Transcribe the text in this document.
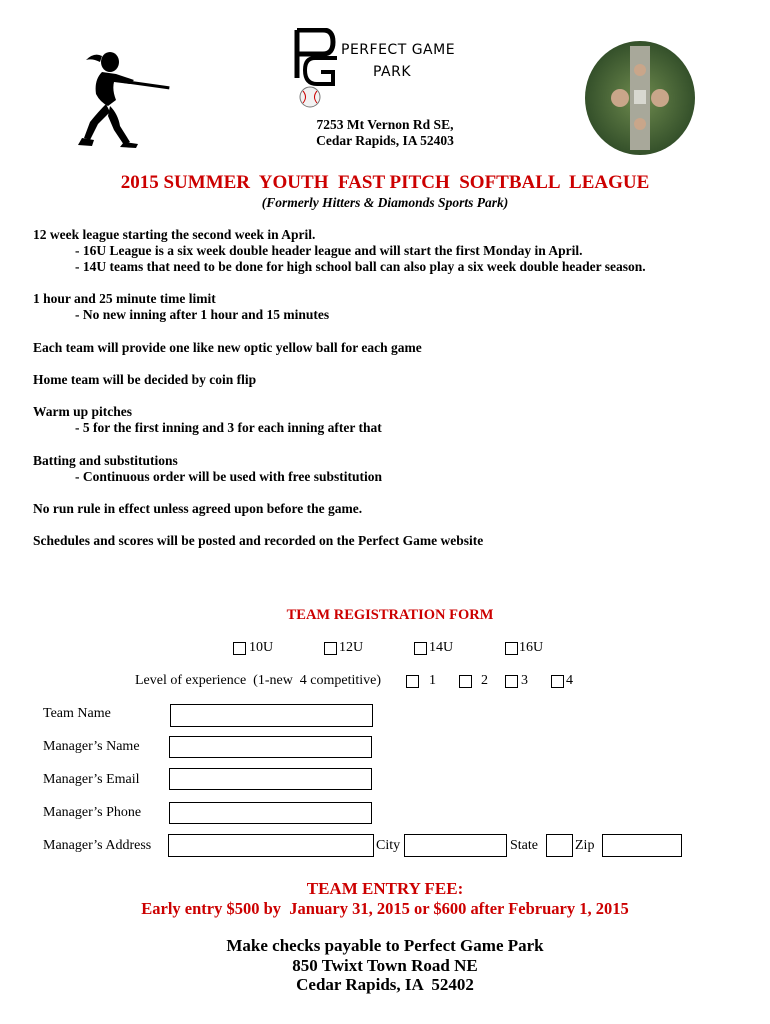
PERFECT GAME
PARK
7253 Mt Vernon Rd SE,
Cedar Rapids, IA 52403
2015 SUMMER  YOUTH  FAST PITCH  SOFTBALL  LEAGUE
(Formerly Hitters & Diamonds Sports Park)
12 week league starting the second week in April.
- 16U League is a six week double header league and will start the first Monday in April.
- 14U teams that need to be done for high school ball can also play a six week double header season.
1 hour and 25 minute time limit
- No new inning after 1 hour and 15 minutes
Each team will provide one like new optic yellow ball for each game
Home team will be decided by coin flip
Warm up pitches
- 5 for the first inning and 3 for each inning after that
Batting and substitutions
- Continuous order will be used with free substitution
No run rule in effect unless agreed upon before the game.
Schedules and scores will be posted and recorded on the Perfect Game website
TEAM REGISTRATION FORM
10U	12U	14U	16U
Level of experience  (1-new  4 competitive)	1	2 3	4
Team Name
Manager’s Name
Manager’s Email
Manager’s Phone
Manager’s Address	City	State	Zip
TEAM ENTRY FEE:
Early entry $500 by  January 31, 2015 or $600 after February 1, 2015
Make checks payable to Perfect Game Park
850 Twixt Town Road NE
Cedar Rapids, IA  52402
